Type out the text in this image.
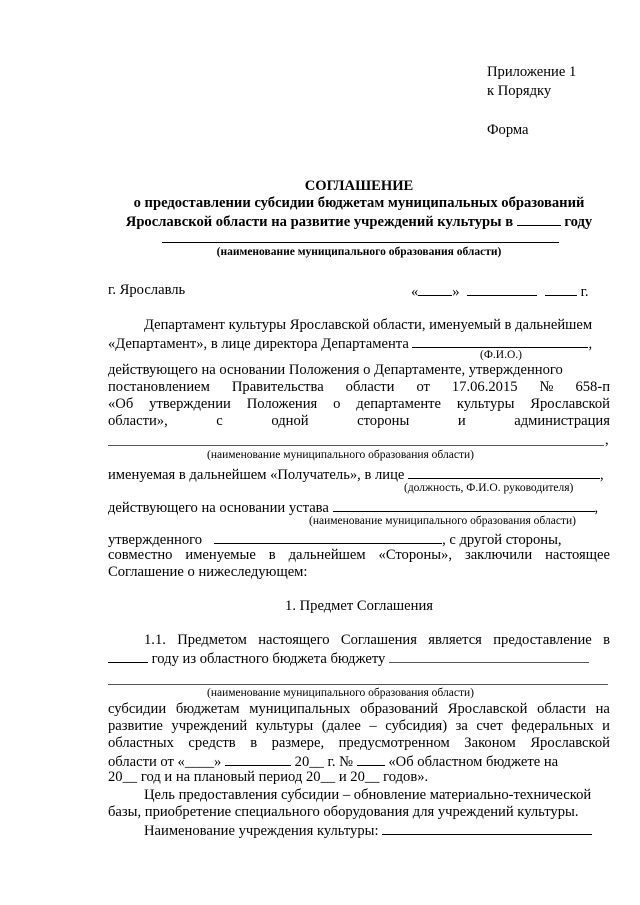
Приложение 1
к Порядку
Форма
СОГЛАШЕНИЕ
о предоставлении субсидии бюджетам муниципальных образований
Ярославской области на развитие учреждений культуры в	году
(наименование муниципального образования области)
г. Ярославль	« »	г.
Департамент культуры Ярославской области, именуемый в дальнейшем
«Департамент», в лице директора Департамента	,
(Ф.И.О.)
действующего на основании Положения о Департаменте, утвержденного
постановлением Правительства области от 17.06.2015 № 658-п
«Об утверждении Положения о департаменте культуры Ярославской
области»,	с	одной	стороны	и	администрация
,
(наименование муниципального образования области)
именуемая в дальнейшем «Получатель», в лице	,
(должность, Ф.И.О. руководителя)
действующего на основании устава	,
(наименование муниципального образования области)
утвержденного	, с другой стороны,
совместно именуемые в дальнейшем «Стороны», заключили настоящее
Соглашение о нижеследующем:
1. Предмет Соглашения
1.1. Предметом настоящего Соглашения является предоставление в
году из областного бюджета бюджету
(наименование муниципального образования области)
субсидии бюджетам муниципальных образований Ярославской области на
развитие учреждений культуры (далее – субсидия) за счет федеральных и
областных средств в размере, предусмотренном Законом Ярославской
области от «____»	20__ г. № «Об областном бюджете на
20__ год и на плановый период 20__ и 20__ годов».
Цель предоставления субсидии – обновление материально-технической
базы, приобретение специального оборудования для учреждений культуры.
Наименование учреждения культуры:
